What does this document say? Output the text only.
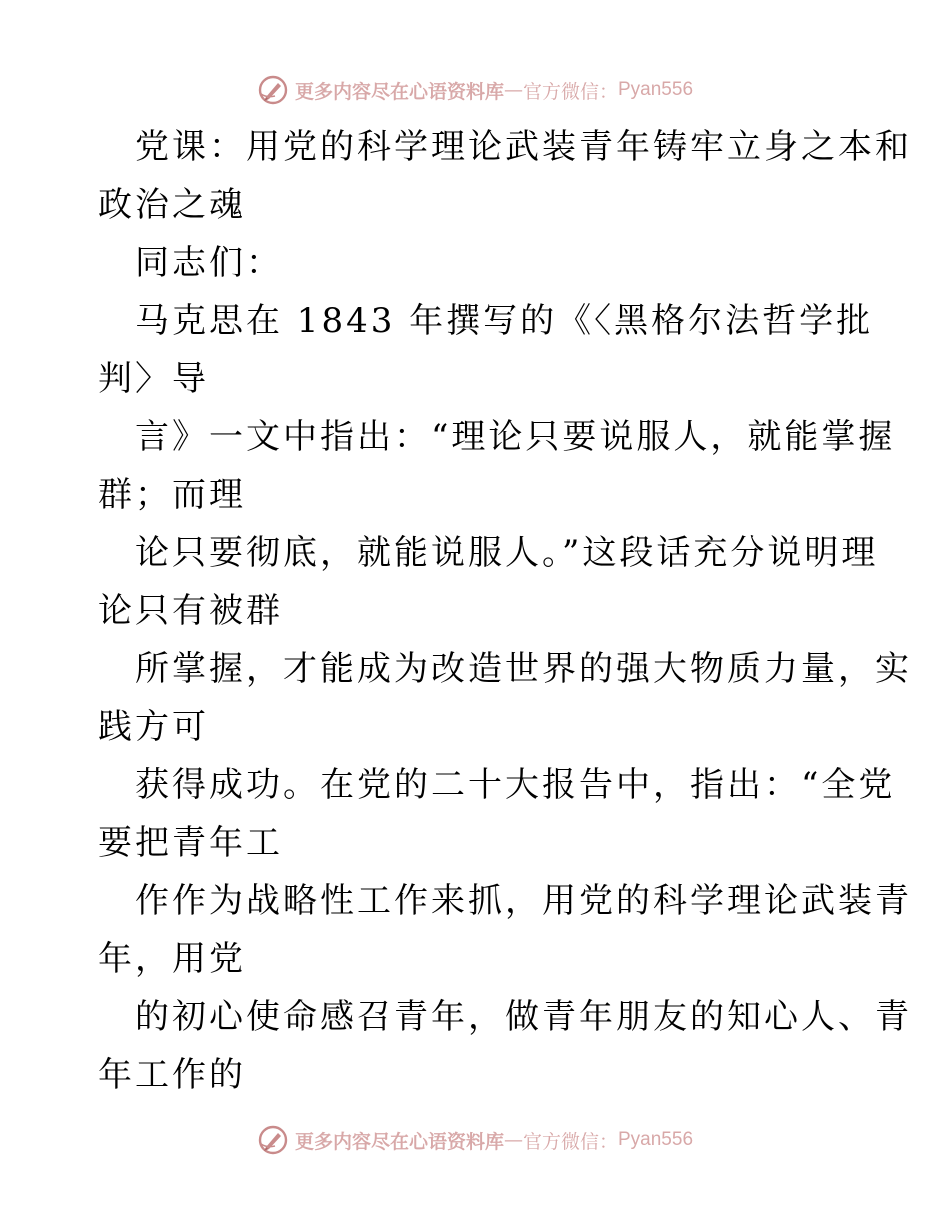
更多内容尽在心语资料库 — 官方微信： Pyan556
党课：用党的科学理论武装青年铸牢立身之本和
政治之魂
同志们：
马克思在 1843 年撰写的《〈黑格尔法哲学批
判〉导
言》一文中指出：“理论只要说服人，就能掌握
群；而理
论只要彻底，就能说服人。”这段话充分说明理
论只有被群
所掌握，才能成为改造世界的强大物质力量，实
践方可
获得成功。在党的二十大报告中，指出：“全党
要把青年工
作作为战略性工作来抓，用党的科学理论武装青
年，用党
的初心使命感召青年，做青年朋友的知心人、青
年工作的
更多内容尽在心语资料库 — 官方微信： Pyan556
